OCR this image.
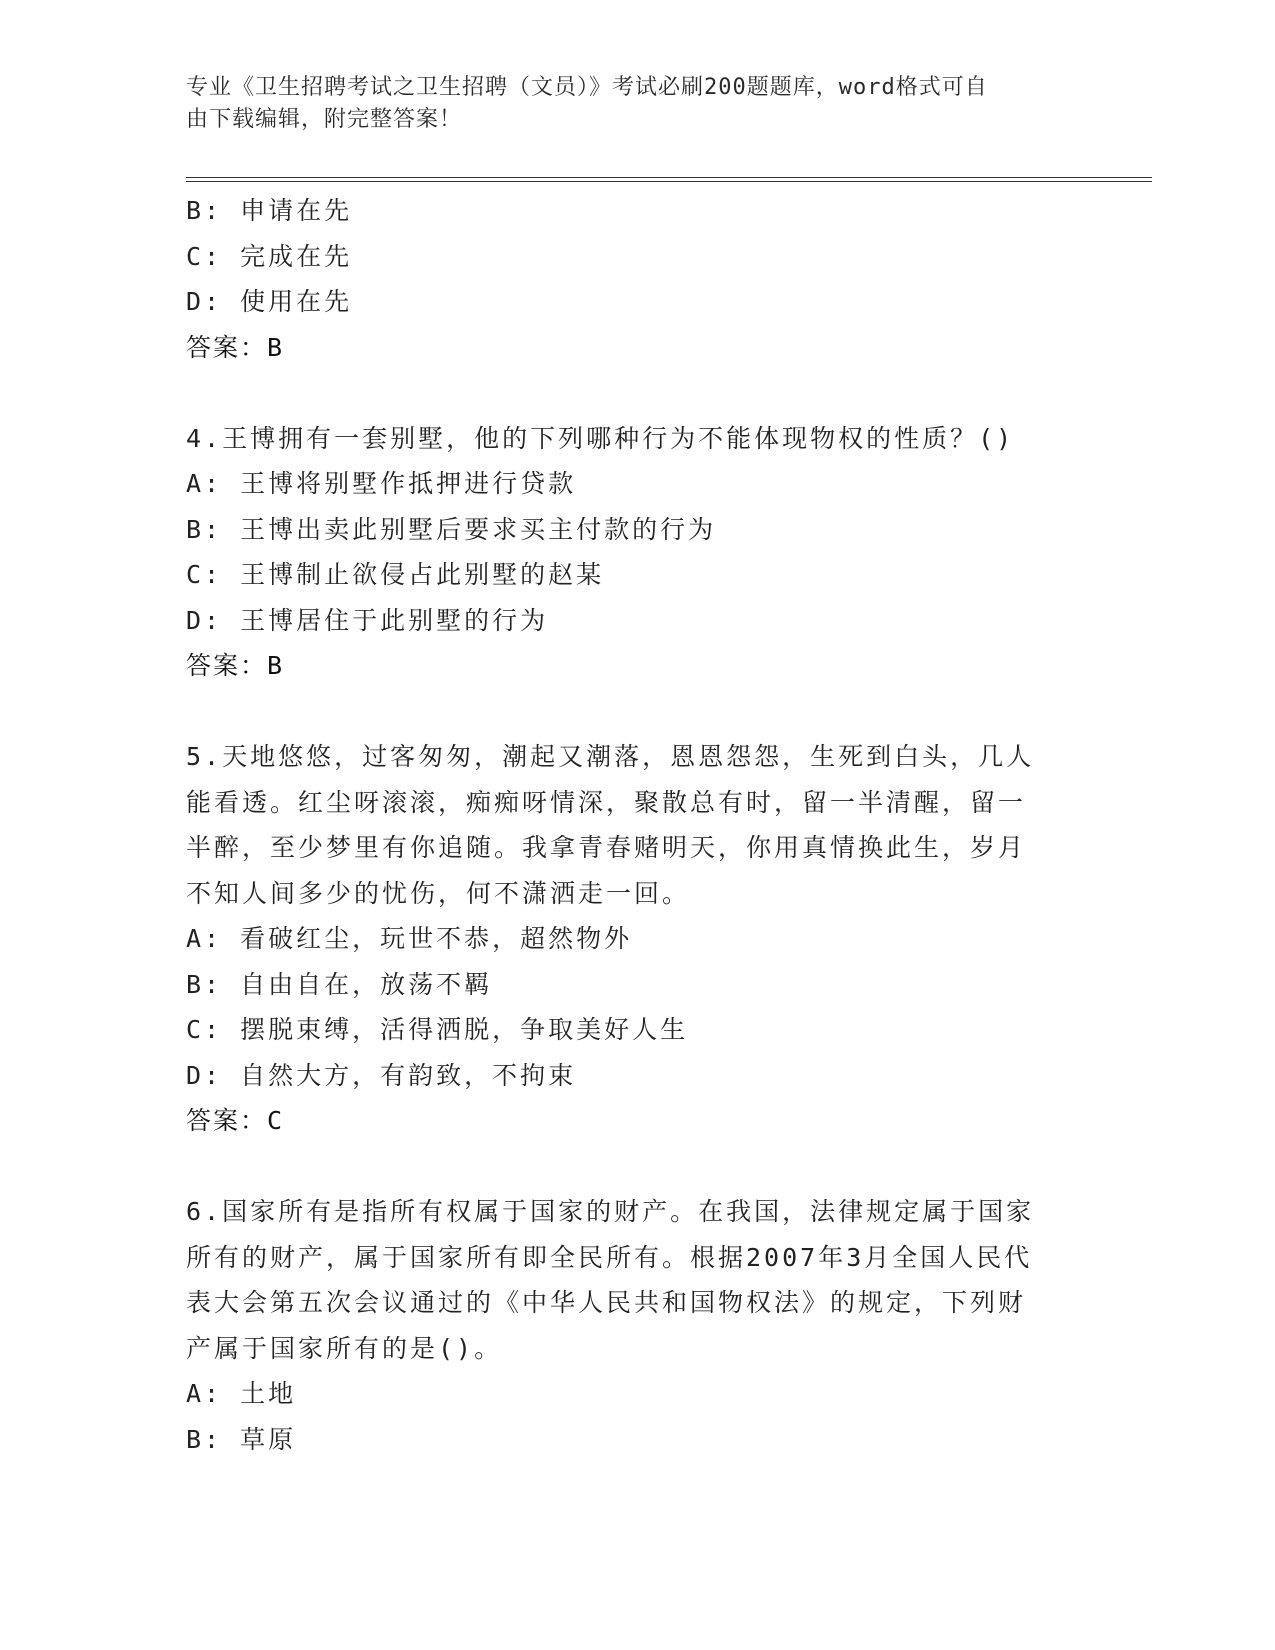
专业《卫生招聘考试之卫生招聘（文员）》考试必刷200题题库，word格式可自
由下载编辑，附完整答案！
B: 申请在先
C: 完成在先
D: 使用在先
答案：B
4.王博拥有一套别墅，他的下列哪种行为不能体现物权的性质？()
A: 王博将别墅作抵押进行贷款
B: 王博出卖此别墅后要求买主付款的行为
C: 王博制止欲侵占此别墅的赵某
D: 王博居住于此别墅的行为
答案：B
5.天地悠悠，过客匆匆，潮起又潮落，恩恩怨怨，生死到白头，几人
能看透。红尘呀滚滚，痴痴呀情深，聚散总有时，留一半清醒，留一
半醉，至少梦里有你追随。我拿青春赌明天，你用真情换此生，岁月
不知人间多少的忧伤，何不潇洒走一回。
A: 看破红尘，玩世不恭，超然物外
B: 自由自在，放荡不羁
C: 摆脱束缚，活得洒脱，争取美好人生
D: 自然大方，有韵致，不拘束
答案：C
6.国家所有是指所有权属于国家的财产。在我国，法律规定属于国家
所有的财产，属于国家所有即全民所有。根据2007年3月全国人民代
表大会第五次会议通过的《中华人民共和国物权法》的规定，下列财
产属于国家所有的是()。
A: 土地
B: 草原
